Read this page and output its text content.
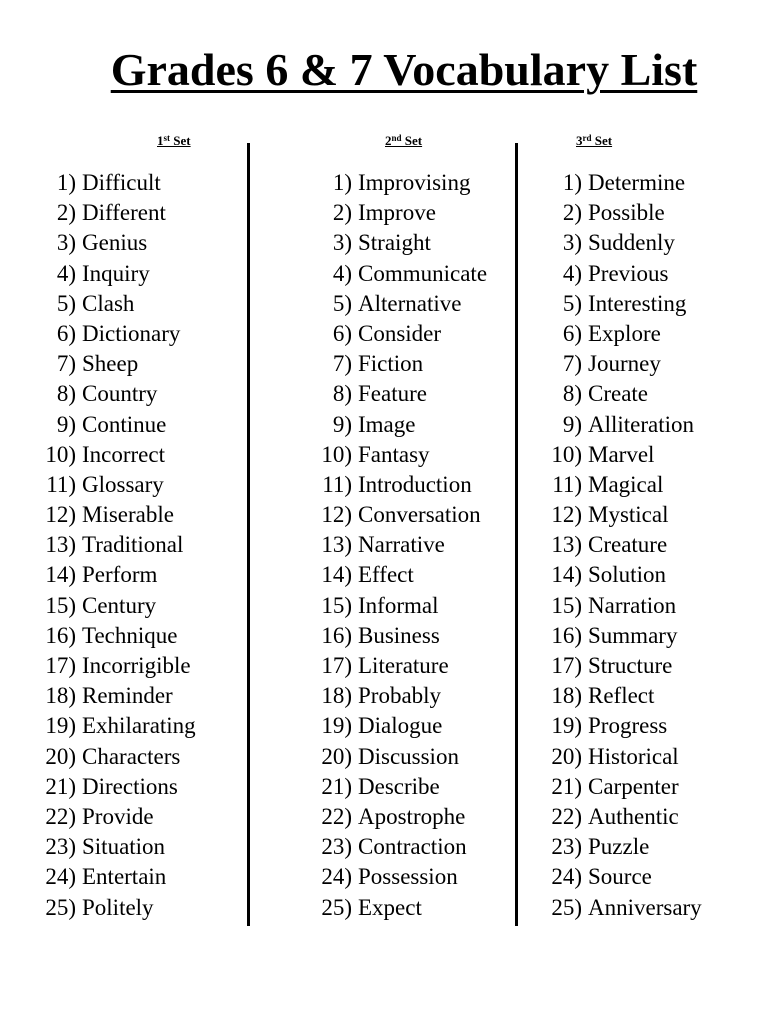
Grades 6 & 7 Vocabulary List
1st Set	2nd Set	3rd Set
1) Difficult
2) Different
3) Genius
4) Inquiry
5) Clash
6) Dictionary
7) Sheep
8) Country
9) Continue
10) Incorrect
11) Glossary
12) Miserable
13) Traditional
14) Perform
15) Century
16) Technique
17) Incorrigible
18) Reminder
19) Exhilarating
20) Characters
21) Directions
22) Provide
23) Situation
24) Entertain
25) Politely
1) Improvising
2) Improve
3) Straight
4) Communicate
5) Alternative
6) Consider
7) Fiction
8) Feature
9) Image
10) Fantasy
11) Introduction
12) Conversation
13) Narrative
14) Effect
15) Informal
16) Business
17) Literature
18) Probably
19) Dialogue
20) Discussion
21) Describe
22) Apostrophe
23) Contraction
24) Possession
25) Expect
1) Determine
2) Possible
3) Suddenly
4) Previous
5) Interesting
6) Explore
7) Journey
8) Create
9) Alliteration
10) Marvel
11) Magical
12) Mystical
13) Creature
14) Solution
15) Narration
16) Summary
17) Structure
18) Reflect
19) Progress
20) Historical
21) Carpenter
22) Authentic
23) Puzzle
24) Source
25) Anniversary
